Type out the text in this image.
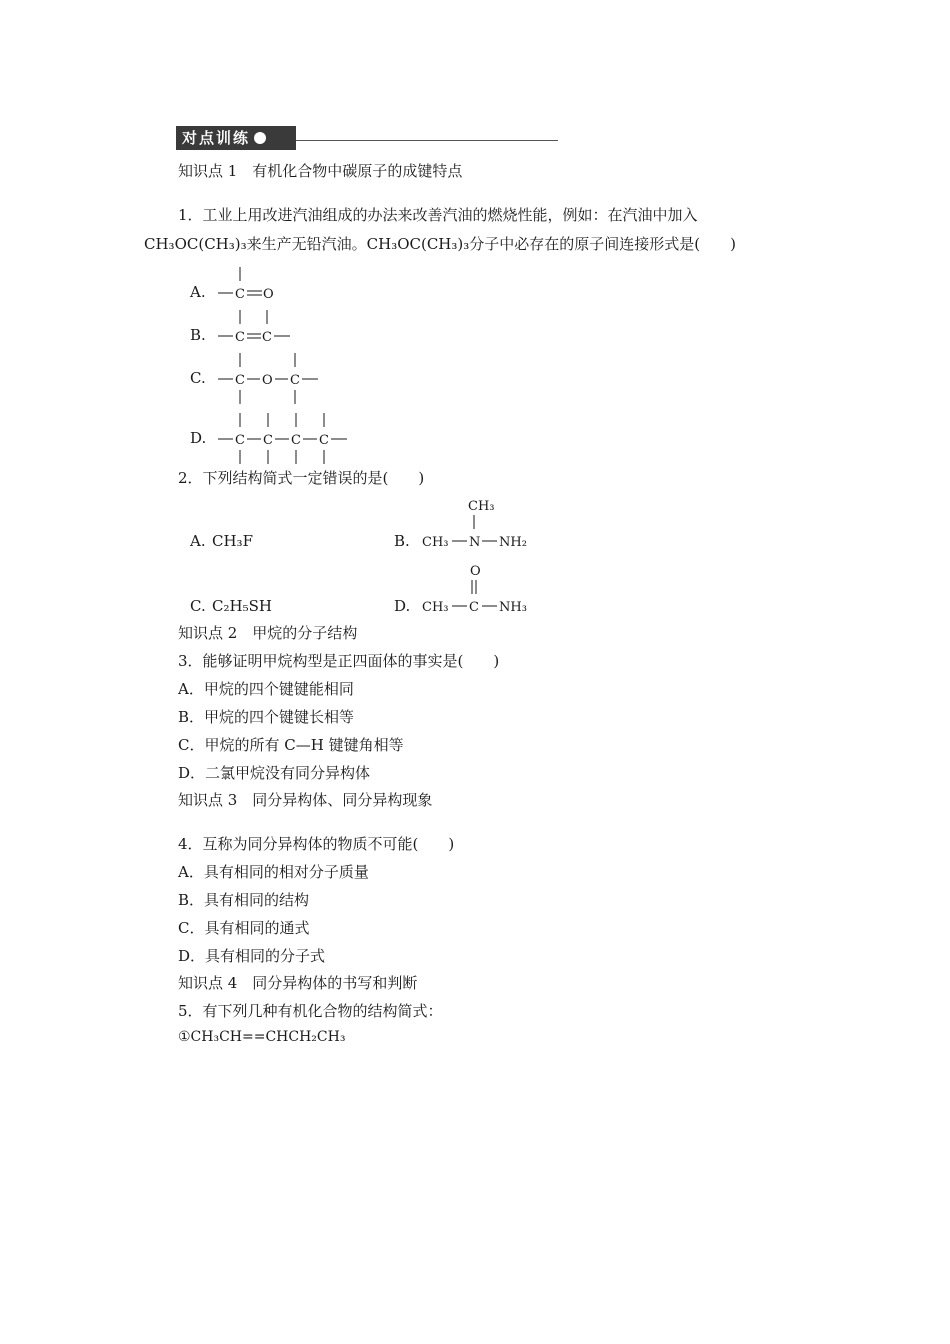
对点训练
知识点 1　有机化合物中碳原子的成键特点
1．工业上用改进汽油组成的办法来改善汽油的燃烧性能，例如：在汽油中加入
CH₃OC(CH₃)₃来生产无铅汽油。CH₃OC(CH₃)₃分子中必存在的原子间连接形式是(　　)
A. C O
B. C C
C. C O C
D. C C C C
2．下列结构简式一定错误的是(　　)
A. CH₃F	B.
CH₃
CH₃ N NH₂
C. C₂H₅SH	D.
O
CH₃ C NH₃
知识点 2　甲烷的分子结构
3．能够证明甲烷构型是正四面体的事实是(　　)
A．甲烷的四个键键能相同
B．甲烷的四个键键长相等
C．甲烷的所有 C—H 键键角相等
D．二氯甲烷没有同分异构体
知识点 3　同分异构体、同分异构现象
4．互称为同分异构体的物质不可能(　　)
A．具有相同的相对分子质量
B．具有相同的结构
C．具有相同的通式
D．具有相同的分子式
知识点 4　同分异构体的书写和判断
5．有下列几种有机化合物的结构简式：
①CH₃CH==CHCH₂CH₃
